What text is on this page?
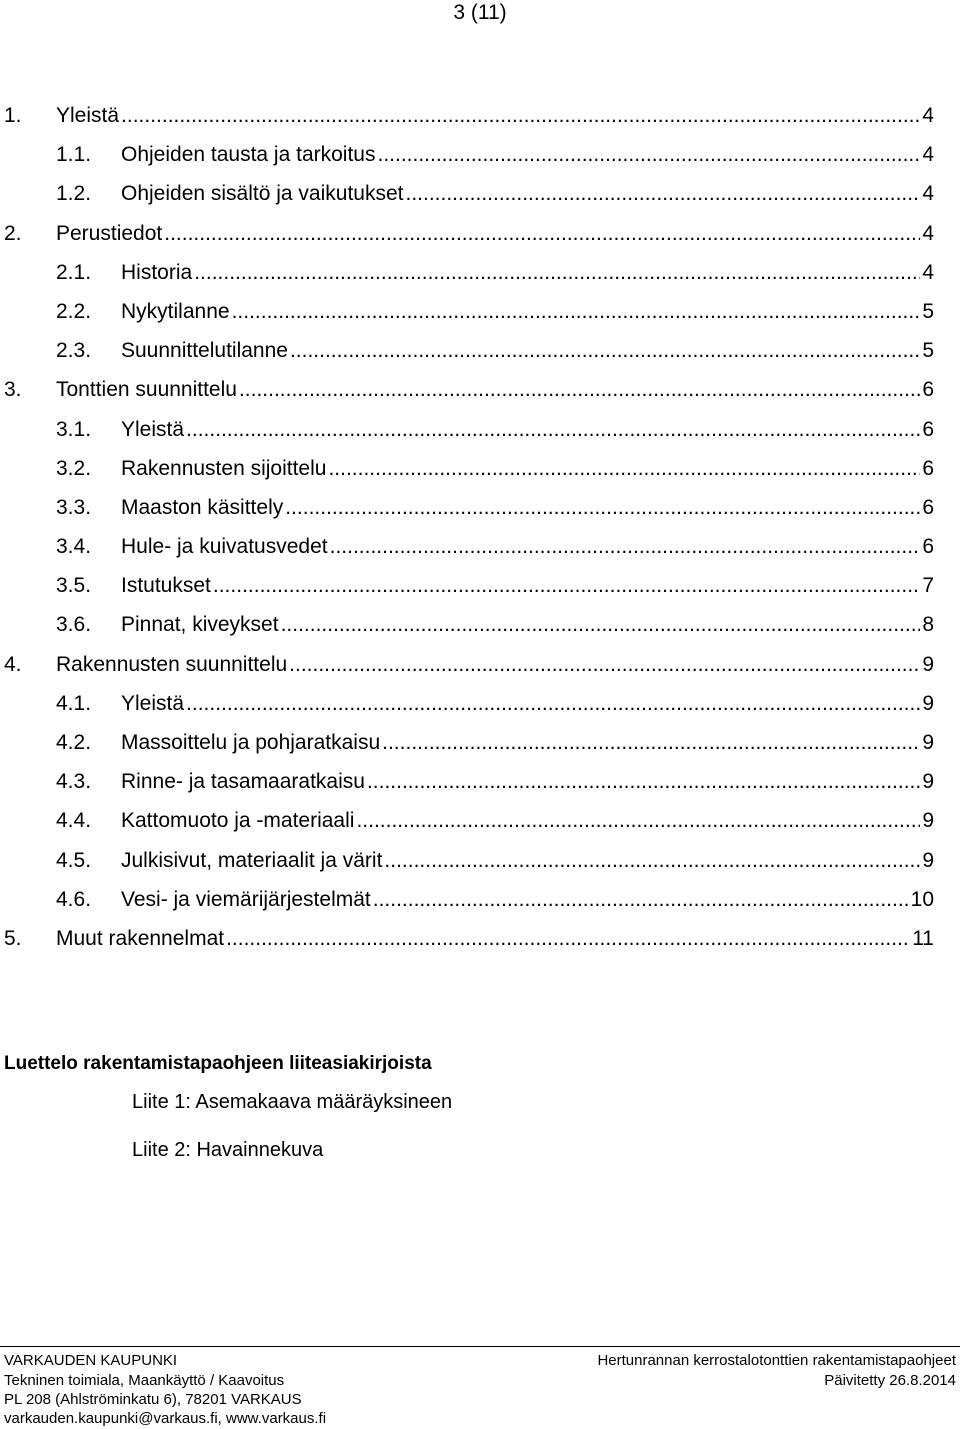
3 (11)
1. Yleistä .....	4
1.1. Ohjeiden tausta ja tarkoitus .....	4
1.2. Ohjeiden sisältö ja vaikutukset .....	4
2. Perustiedot .....	4
2.1. Historia .....	4
2.2. Nykytilanne .....	5
2.3. Suunnittelutilanne .....	5
3. Tonttien suunnittelu .....	6
3.1. Yleistä .....	6
3.2. Rakennusten sijoittelu .....	6
3.3. Maaston käsittely .....	6
3.4. Hule- ja kuivatusvedet .....	6
3.5. Istutukset .....	7
3.6. Pinnat, kiveykset .....	8
4. Rakennusten suunnittelu .....	9
4.1. Yleistä .....	9
4.2. Massoittelu ja pohjaratkaisu .....	9
4.3. Rinne- ja tasamaaratkaisu .....	9
4.4. Kattomuoto ja -materiaali .....	9
4.5. Julkisivut, materiaalit ja värit .....	9
4.6. Vesi- ja viemärijärjestelmät .....	10
5. Muut rakennelmat .....	11
Luettelo rakentamistapaohjeen liiteasiakirjoista
Liite 1: Asemakaava määräyksineen
Liite 2: Havainnekuva
VARKAUDEN KAUPUNKI	Hertunrannan kerrostalotonttien rakentamistapaohjeet
Tekninen toimiala, Maankäyttö / Kaavoitus	Päivitetty 26.8.2014
PL 208 (Ahlströminkatu 6), 78201 VARKAUS
varkauden.kaupunki@varkaus.fi, www.varkaus.fi
